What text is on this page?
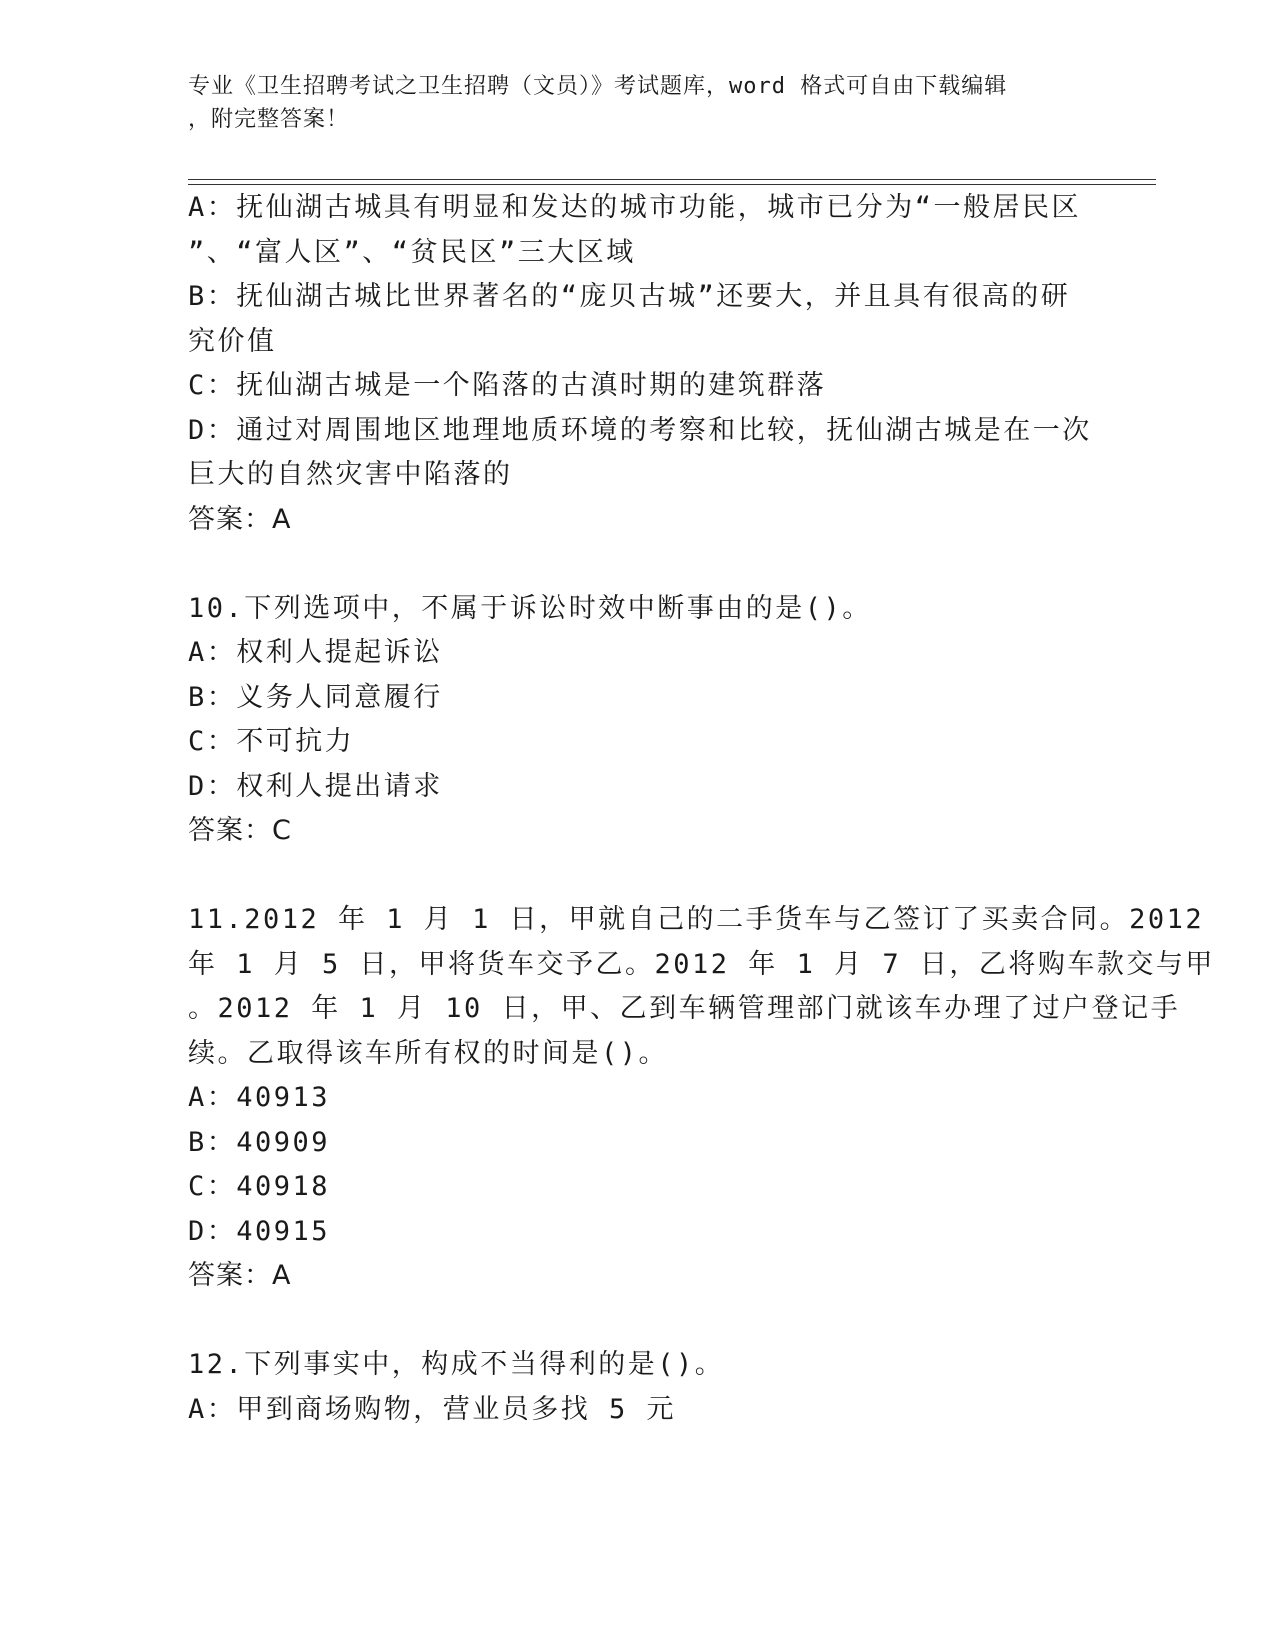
专业《卫生招聘考试之卫生招聘（文员）》考试题库，word 格式可自由下载编辑
，附完整答案！
A：抚仙湖古城具有明显和发达的城市功能，城市已分为“一般居民区
”、“富人区”、“贫民区”三大区域
B：抚仙湖古城比世界著名的“庞贝古城”还要大，并且具有很高的研
究价值
C：抚仙湖古城是一个陷落的古滇时期的建筑群落
D：通过对周围地区地理地质环境的考察和比较，抚仙湖古城是在一次
巨大的自然灾害中陷落的
答案：A
10.下列选项中，不属于诉讼时效中断事由的是()。
A：权利人提起诉讼
B：义务人同意履行
C：不可抗力
D：权利人提出请求
答案：C
11.2012 年 1 月 1 日，甲就自己的二手货车与乙签订了买卖合同。2012
年 1 月 5 日，甲将货车交予乙。2012 年 1 月 7 日，乙将购车款交与甲
。2012 年 1 月 10 日，甲、乙到车辆管理部门就该车办理了过户登记手
续。乙取得该车所有权的时间是()。
A：40913
B：40909
C：40918
D：40915
答案：A
12.下列事实中，构成不当得利的是()。
A：甲到商场购物，营业员多找 5 元
